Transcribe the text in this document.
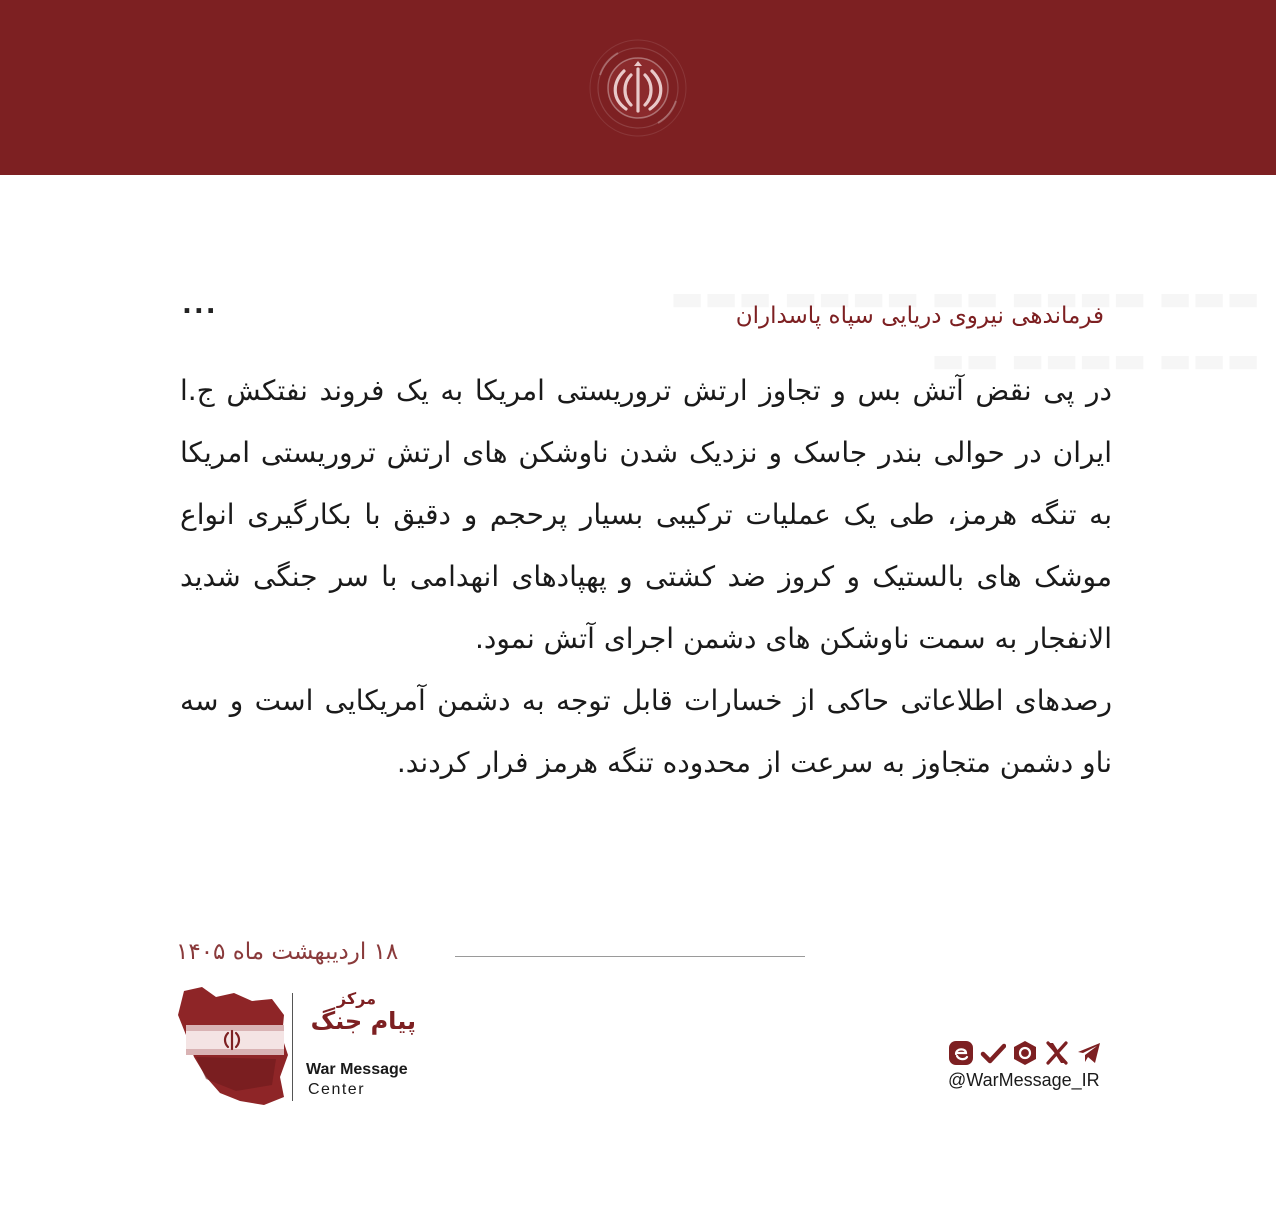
فرماندهی نیروی دریایی سپاه پاسداران
...

در پی نقض آتش بس و تجاوز ارتش تروریستی امریکا به یک فروند نفتکش ج.ا ایران در حوالی بندر جاسک و نزدیک شدن ناوشکن های ارتش تروریستی امریکا به تنگه هرمز، طی یک عملیات ترکیبی بسیار پرحجم و دقیق با بکارگیری انواع موشک های بالستیک و کروز ضد کشتی و پهپادهای انهدامی با سر جنگی شدید الانفجار به سمت ناوشکن های دشمن اجرای آتش نمود.

رصدهای اطلاعاتی حاکی از خسارات قابل توجه به دشمن آمریکایی است و سه ناو دشمن متجاوز به سرعت از محدوده تنگه هرمز فرار کردند.

۱۸ اردیبهشت ماه ۱۴۰۵
مرکز
پیام جنگ
War Message
Center	@WarMessage_IR
